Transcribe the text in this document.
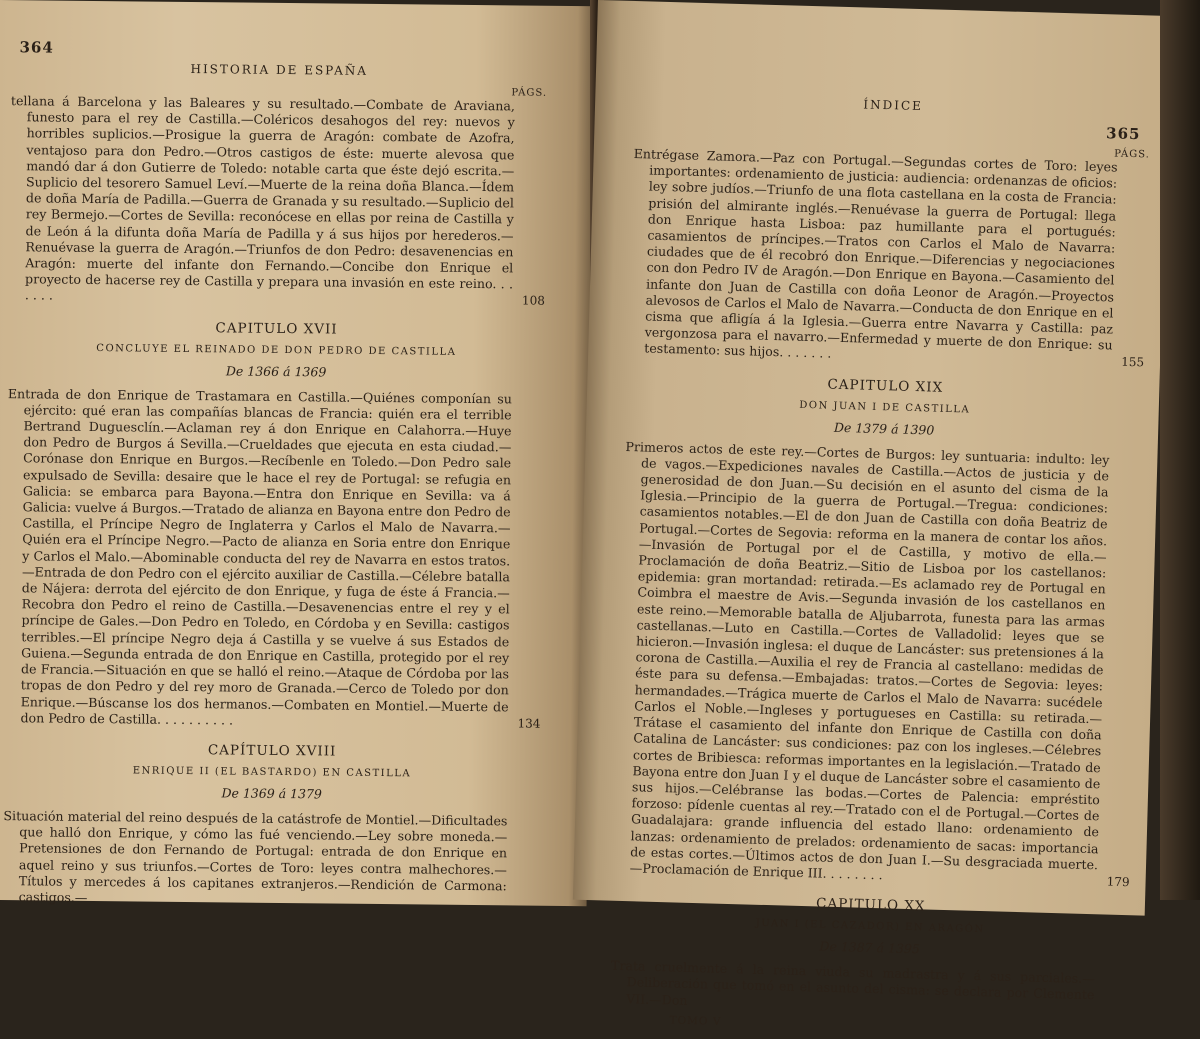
364
HISTORIA DE ESPAÑA
PÁGS.

tellana á Barcelona y las Baleares y su resultado.—Combate de Araviana, funesto para el rey de Castilla.—Coléricos desahogos del rey: nuevos y horribles suplicios.—Prosigue la guerra de Aragón: combate de Azofra, ventajoso para don Pedro.—Otros castigos de éste: muerte alevosa que mandó dar á don Gutierre de Toledo: notable carta que éste dejó escrita.—Suplicio del tesorero Samuel Leví.—Muerte de la reina doña Blanca.—Ídem de doña María de Padilla.—Guerra de Granada y su resultado.—Suplicio del rey Bermejo.—Cortes de Sevilla: reconócese en ellas por reina de Castilla y de León á la difunta doña María de Padilla y á sus hijos por herederos.—Renuévase la guerra de Aragón.—Triunfos de don Pedro: desavenencias en Aragón: muerte del infante don Fernando.—Concibe don Enrique el proyecto de hacerse rey de Castilla y prepara una invasión en este reino. . . . . . .	108

CAPITULO XVII
CONCLUYE EL REINADO DE DON PEDRO DE CASTILLA
De 1366 á 1369

Entrada de don Enrique de Trastamara en Castilla.—Quiénes componían su ejército: qué eran las compañías blancas de Francia: quién era el terrible Bertrand Duguesclín.—Aclaman rey á don Enrique en Calahorra.—Huye don Pedro de Burgos á Sevilla.—Crueldades que ejecuta en esta ciudad.—Corónase don Enrique en Burgos.—Recíbenle en Toledo.—Don Pedro sale expulsado de Sevilla: desaire que le hace el rey de Portugal: se refugia en Galicia: se embarca para Bayona.—Entra don Enrique en Sevilla: va á Galicia: vuelve á Burgos.—Tratado de alianza en Bayona entre don Pedro de Castilla, el Príncipe Negro de Inglaterra y Carlos el Malo de Navarra.—Quién era el Príncipe Negro.—Pacto de alianza en Soria entre don Enrique y Carlos el Malo.—Abominable conducta del rey de Navarra en estos tratos.—Entrada de don Pedro con el ejército auxiliar de Castilla.—Célebre batalla de Nájera: derrota del ejército de don Enrique, y fuga de éste á Francia.—Recobra don Pedro el reino de Castilla.—Desavenencias entre el rey y el príncipe de Gales.—Don Pedro en Toledo, en Córdoba y en Sevilla: castigos terribles.—El príncipe Negro deja á Castilla y se vuelve á sus Estados de Guiena.—Segunda entrada de don Enrique en Castilla, protegido por el rey de Francia.—Situación en que se halló el reino.—Ataque de Córdoba por las tropas de don Pedro y del rey moro de Granada.—Cerco de Toledo por don Enrique.—Búscanse los dos hermanos.—Combaten en Montiel.—Muerte de don Pedro de Castilla. . . . . . . . . .	134

CAPÍTULO XVIII
ENRIQUE II (EL BASTARDO) EN CASTILLA
De 1369 á 1379

Situación material del reino después de la catástrofe de Montiel.—Dificultades que halló don Enrique, y cómo las fué venciendo.—Ley sobre moneda.—Pretensiones de don Fernando de Portugal: entrada de don Enrique en aquel reino y sus triunfos.—Cortes de Toro: leyes contra malhechores.—Títulos y mercedes á los capitanes extranjeros.—Rendición de Carmona: castigos.—

ÍNDICE
365
PÁGS.

Entrégase Zamora.—Paz con Portugal.—Segundas cortes de Toro: leyes importantes: ordenamiento de justicia: audiencia: ordenanzas de oficios: ley sobre judíos.—Triunfo de una flota castellana en la costa de Francia: prisión del almirante inglés.—Renuévase la guerra de Portugal: llega don Enrique hasta Lisboa: paz humillante para el portugués: casamientos de príncipes.—Tratos con Carlos el Malo de Navarra: ciudades que de él recobró don Enrique.—Diferencias y negociaciones con don Pedro IV de Aragón.—Don Enrique en Bayona.—Casamiento del infante don Juan de Castilla con doña Leonor de Aragón.—Proyectos alevosos de Carlos el Malo de Navarra.—Conducta de don Enrique en el cisma que afligía á la Iglesia.—Guerra entre Navarra y Castilla: paz vergonzosa para el navarro.—Enfermedad y muerte de don Enrique: su testamento: sus hijos. . . . . . .
155

CAPITULO XIX
DON JUAN I DE CASTILLA
De 1379 á 1390

Primeros actos de este rey.—Cortes de Burgos: ley suntuaria: indulto: ley de vagos.—Expediciones navales de Castilla.—Actos de justicia y de generosidad de don Juan.—Su decisión en el asunto del cisma de la Iglesia.—Principio de la guerra de Portugal.—Tregua: condiciones: casamientos notables.—El de don Juan de Castilla con doña Beatriz de Portugal.—Cortes de Segovia: reforma en la manera de contar los años.—Invasión de Portugal por el de Castilla, y motivo de ella.—Proclamación de doña Beatriz.—Sitio de Lisboa por los castellanos: epidemia: gran mortandad: retirada.—Es aclamado rey de Portugal en Coimbra el maestre de Avis.—Segunda invasión de los castellanos en este reino.—Memorable batalla de Aljubarrota, funesta para las armas castellanas.—Luto en Castilla.—Cortes de Valladolid: leyes que se hicieron.—Invasión inglesa: el duque de Lancáster: sus pretensiones á la corona de Castilla.—Auxilia el rey de Francia al castellano: medidas de éste para su defensa.—Embajadas: tratos.—Cortes de Segovia: leyes: hermandades.—Trágica muerte de Carlos el Malo de Navarra: sucédele Carlos el Noble.—Ingleses y portugueses en Castilla: su retirada.—Trátase el casamiento del infante don Enrique de Castilla con doña Catalina de Lancáster: sus condiciones: paz con los ingleses.—Célebres cortes de Bribiesca: reformas importantes en la legislación.—Tratado de Bayona entre don Juan I y el duque de Lancáster sobre el casamiento de sus hijos.—Celébranse las bodas.—Cortes de Palencia: empréstito forzoso: pídenle cuentas al rey.—Tratado con el de Portugal.—Cortes de Guadalajara: grande influencia del estado llano: ordenamiento de lanzas: ordenamiento de prelados: ordenamiento de sacas: importancia de estas cortes.—Últimos actos de don Juan I.—Su desgraciada muerte.—Proclamación de Enrique III. . . . . . . .	179

CAPITULO XX
JUAN I (EL CAZADOR) EN ARAGÓN
De 1387 á 1395

Trata cruelmente á la reina viuda su madrastra y á sus parciales.—Deliberación que tomó en el asunto del cisma: se declara por Clemente VII.—Don

TOMO V
